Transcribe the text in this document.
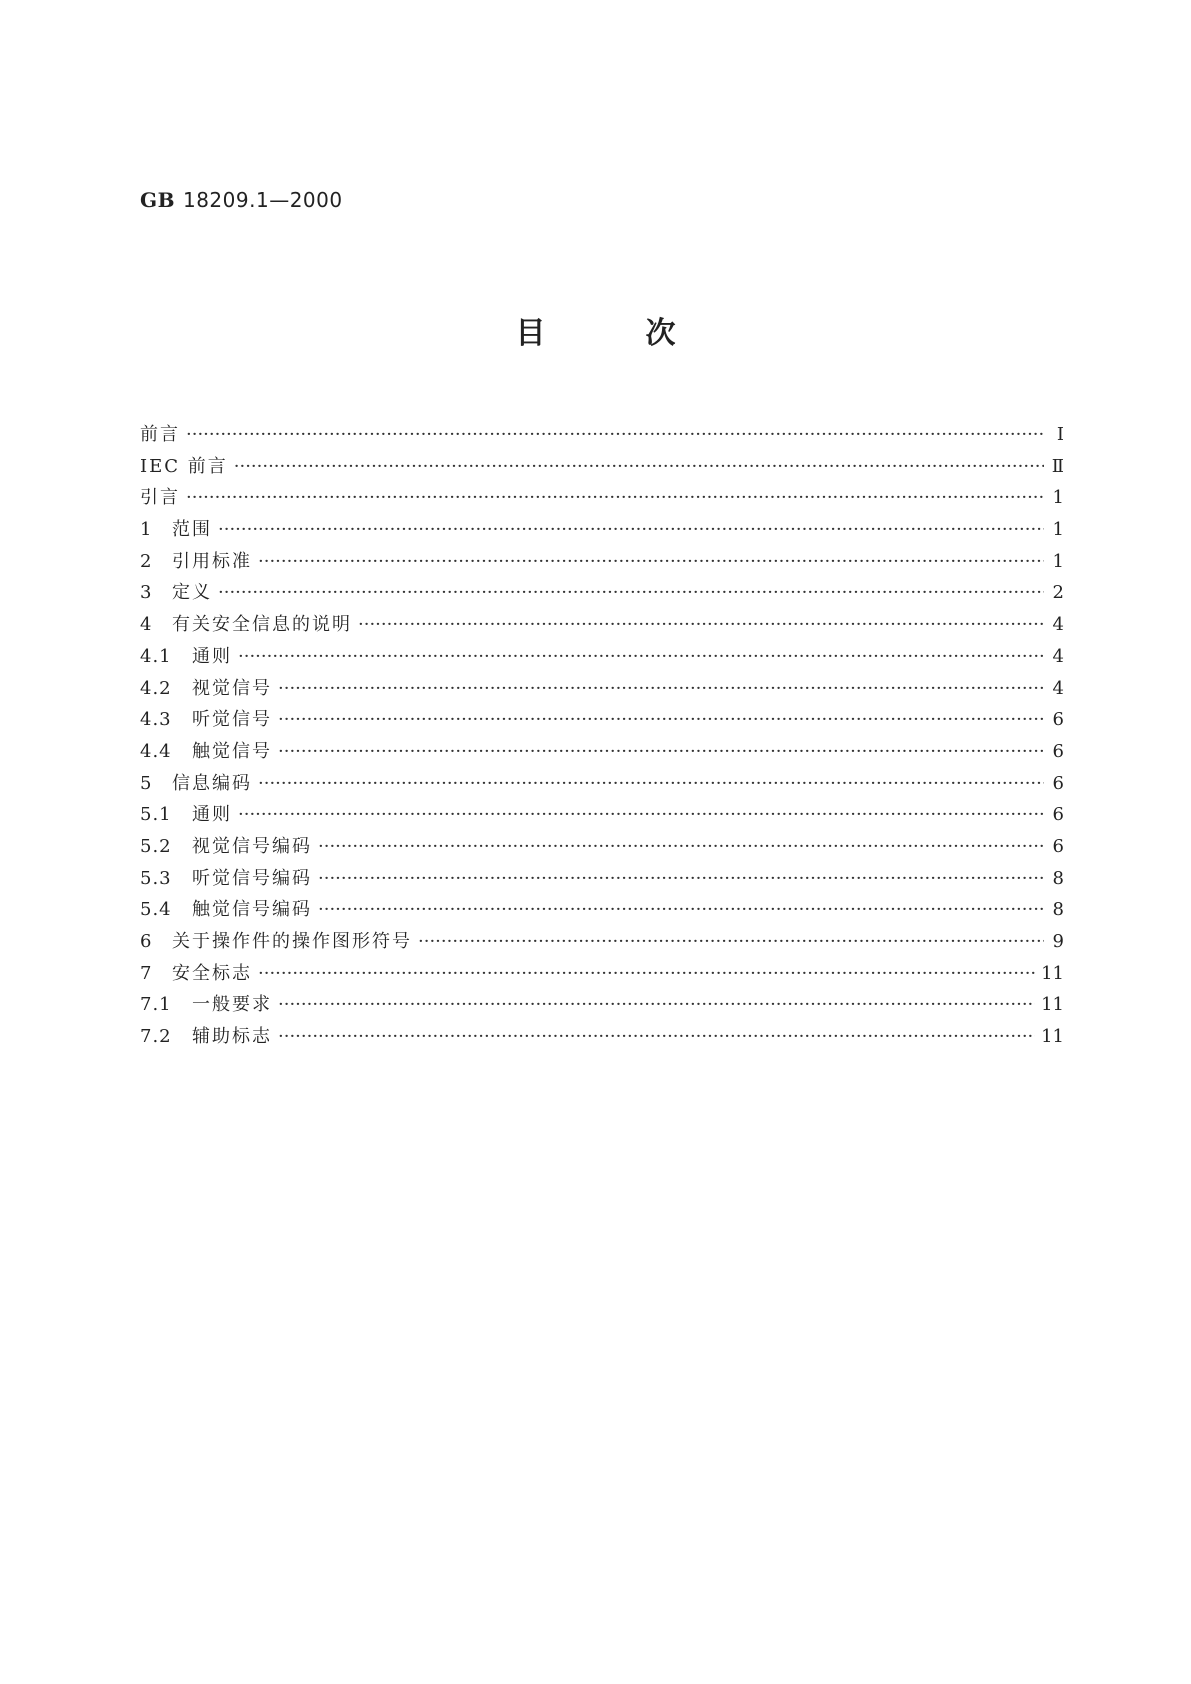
GB 18209.1—2000
目次
前言 ·····	Ⅰ
IEC 前言 ·····	Ⅱ
引言 ·····	1
1	范围 ·····	1
2	引用标准 ·····	1
3	定义 ·····	2
4	有关安全信息的说明 ·····	4
4.1	通则 ·····	4
4.2	视觉信号 ·····	4
4.3	听觉信号 ·····	6
4.4	触觉信号 ·····	6
5	信息编码 ·····	6
5.1	通则 ·····	6
5.2	视觉信号编码 ·····	6
5.3	听觉信号编码 ·····	8
5.4	触觉信号编码 ·····	8
6	关于操作件的操作图形符号 ·····	9
7	安全标志 ·····	11
7.1	一般要求 ·····	11
7.2	辅助标志 ·····	11
